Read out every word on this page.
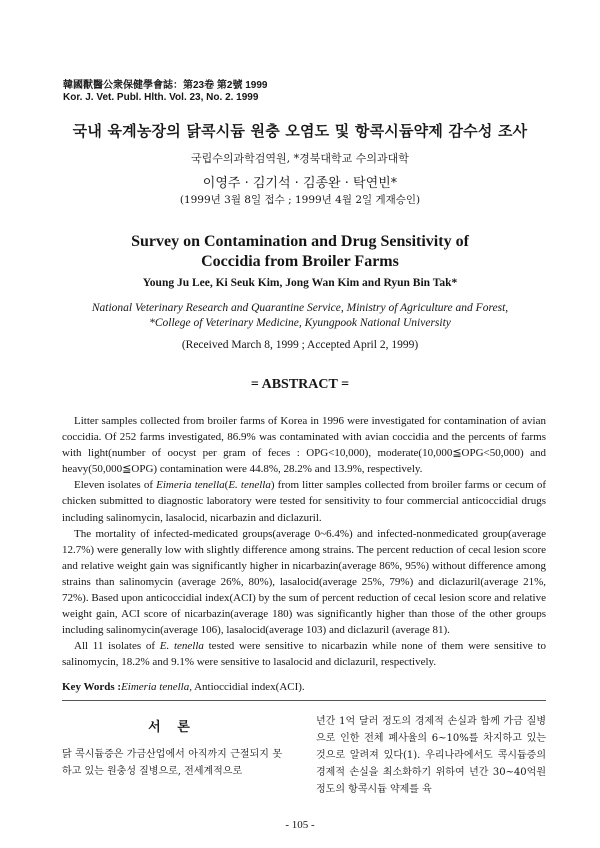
韓國獸醫公衆保健學會誌：第23卷 第2號 1999
Kor. J. Vet. Publ. Hlth. Vol. 23, No. 2. 1999
국내 육계농장의 닭콕시듐 원충 오염도 및 항콕시듐약제 감수성 조사
국립수의과학검역원, *경북대학교 수의과대학
이영주 · 김기석 · 김종완 · 탁연빈*
(1999년 3월 8일 접수 ; 1999년 4월 2일 게재승인)
Survey on Contamination and Drug Sensitivity of
Coccidia from Broiler Farms
Young Ju Lee, Ki Seuk Kim, Jong Wan Kim and Ryun Bin Tak*
National Veterinary Research and Quarantine Service, Ministry of Agriculture and Forest,
*College of Veterinary Medicine, Kyungpook National University
(Received March 8, 1999 ; Accepted April 2, 1999)
= ABSTRACT =

Litter samples collected from broiler farms of Korea in 1996 were investigated for contamination of avian coccidia. Of 252 farms investigated, 86.9% was contaminated with avian coccidia and the percents of farms with light(number of oocyst per gram of feces : OPG<10,000), moderate(10,000≦OPG<50,000) and heavy(50,000≦OPG) contamination were 44.8%, 28.2% and 13.9%, respectively.

Eleven isolates of Eimeria tenella(E. tenella) from litter samples collected from broiler farms or cecum of chicken submitted to diagnostic laboratory were tested for sensitivity to four commercial anticoccidial drugs including salinomycin, lasalocid, nicarbazin and diclazuril.

The mortality of infected-medicated groups(average 0~6.4%) and infected-nonmedicated group(average 12.7%) were generally low with slightly difference among strains. The percent reduction of cecal lesion score and relative weight gain was significantly higher in nicarbazin(average 86%, 95%) without difference among strains than salinomycin (average 26%, 80%), lasalocid(average 25%, 79%) and diclazuril(average 21%, 72%). Based upon anticoccidial index(ACI) by the sum of percent reduction of cecal lesion score and relative weight gain, ACI score of nicarbazin(average 180) was significantly higher than those of the other groups including salinomycin(average 106), lasalocid(average 103) and diclazuril (average 81).

All 11 isolates of E. tenella tested were sensitive to nicarbazin while none of them were sensitive to salinomycin, 18.2% and 9.1% were sensitive to lasalocid and diclazuril, respectively.

Key Words :Eimeria tenella, Antioccidial index(ACI).
서 론

닭 콕시듐증은 가금산업에서 아직까지 근절되지 못하고 있는 원충성 질병으로, 전세계적으로

년간 1억 달러 정도의 경제적 손실과 함께 가금 질병으로 인한 전체 폐사율의 6~10%를 차지하고 있는 것으로 알려져 있다(1). 우리나라에서도 콕시듐증의 경제적 손실을 최소화하기 위하여 년간 30~40억원 정도의 항콕시듐 약제를 육

- 105 -
